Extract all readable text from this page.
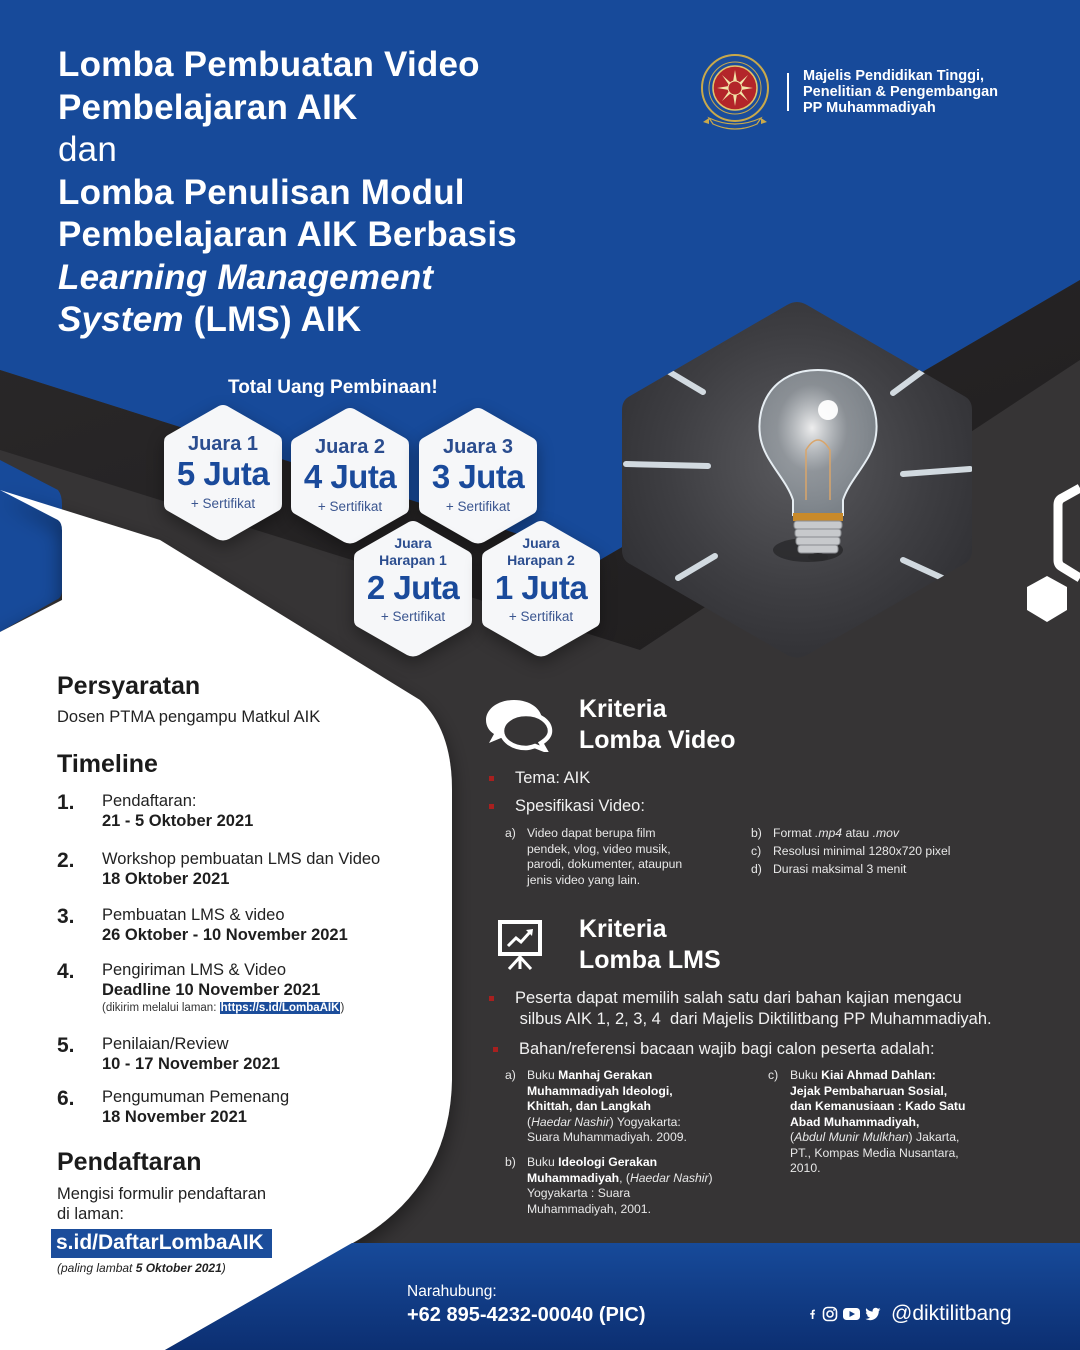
Lomba Pembuatan Video
Pembelajaran AIK
dan
Lomba Penulisan Modul
Pembelajaran AIK Berbasis
Learning Management
System (LMS) AIK
Majelis Pendidikan Tinggi,
Penelitian & Pengembangan
PP Muhammadiyah
Total Uang Pembinaan!
Juara 1
5 Juta
+ Sertifikat
Juara 2
4 Juta
+ Sertifikat
Juara 3
3 Juta
+ Sertifikat
Juara
Harapan 1
2 Juta
+ Sertifikat
Juara
Harapan 2
1 Juta
+ Sertifikat
Persyaratan
Dosen PTMA pengampu Matkul AIK
Timeline
1. Pendaftaran:
21 - 5 Oktober 2021
2. Workshop pembuatan LMS dan Video
18 Oktober 2021
3. Pembuatan LMS & video
26 Oktober - 10 November 2021
4. Pengiriman LMS & Video
Deadline 10 November 2021
(dikirim melalui laman: https://s.id/LombaAIK)
5. Penilaian/Review
10 - 17 November 2021
6. Pengumuman Pemenang
18 November 2021
Pendaftaran
Mengisi formulir pendaftaran
di laman:
s.id/DaftarLombaAIK
(paling lambat 5 Oktober 2021)
Kriteria
Lomba Video
Tema: AIK
Spesifikasi Video:
a) Video dapat berupa film
pendek, vlog, video musik,
parodi, dokumenter, ataupun
jenis video yang lain.
b) Format .mp4 atau .mov
c) Resolusi minimal 1280x720 pixel
d) Durasi maksimal 3 menit
Kriteria
Lomba LMS
Peserta dapat memilih salah satu dari bahan kajian mengacu
silbus AIK 1, 2, 3, 4  dari Majelis Diktilitbang PP Muhammadiyah.
Bahan/referensi bacaan wajib bagi calon peserta adalah:
a) Buku Manhaj Gerakan
Muhammadiyah Ideologi,
Khittah, dan Langkah
(Haedar Nashir) Yogyakarta:
Suara Muhammadiyah. 2009.
b) Buku Ideologi Gerakan
Muhammadiyah, (Haedar Nashir)
Yogyakarta : Suara
Muhammadiyah, 2001.
c) Buku Kiai Ahmad Dahlan:
Jejak Pembaharuan Sosial,
dan Kemanusiaan : Kado Satu
Abad Muhammadiyah,
(Abdul Munir Mulkhan) Jakarta,
PT., Kompas Media Nusantara,
2010.
Narahubung:
+62 895-4232-00040 (PIC)	@diktilitbang
